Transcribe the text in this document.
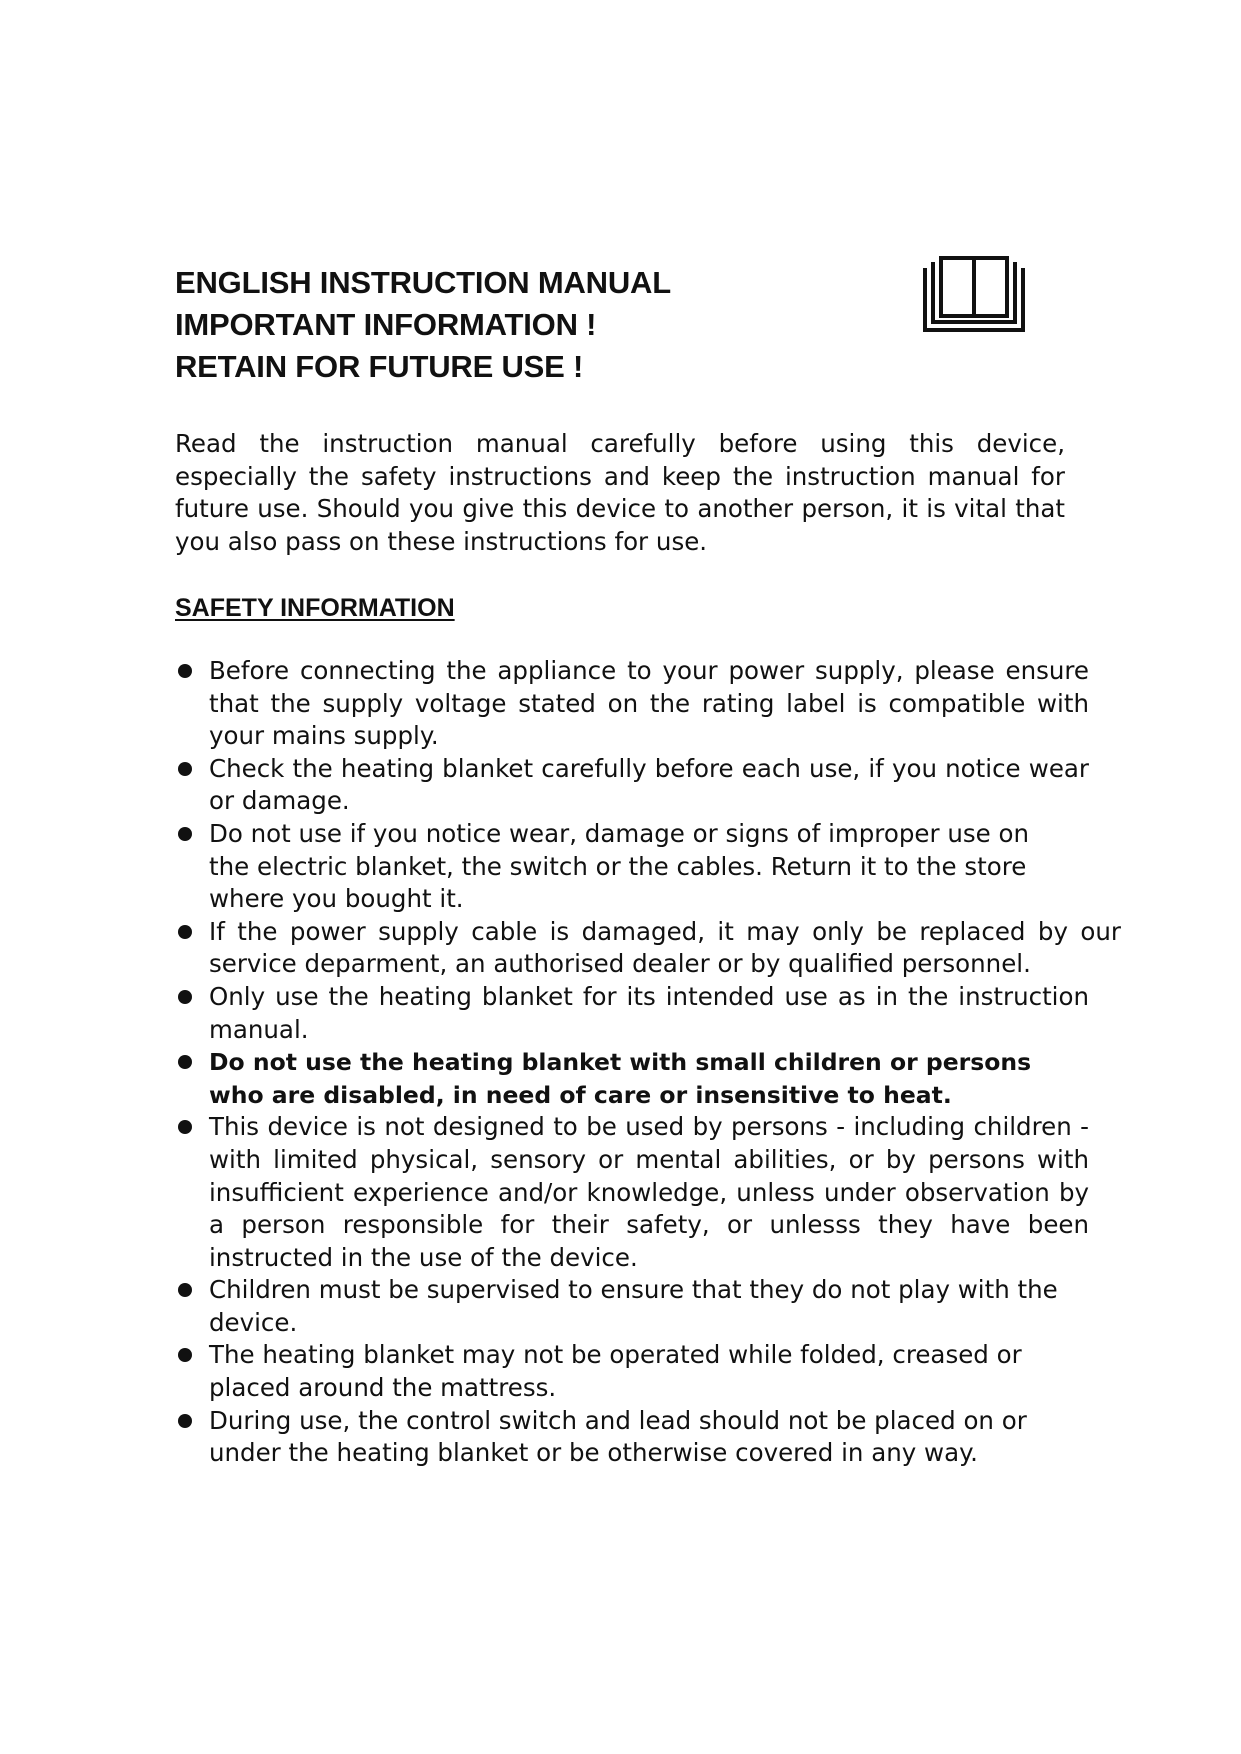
ENGLISH INSTRUCTION MANUAL
IMPORTANT INFORMATION !
RETAIN FOR FUTURE USE !
Read the instruction manual carefully before using this device, especially the safety instructions and keep the instruction manual for future use. Should you give this device to another person, it is vital that you also pass on these instructions for use.
SAFETY INFORMATION
Before connecting the appliance to your power supply, please ensure that the supply voltage stated on the rating label is compatible with your mains supply.
Check the heating blanket carefully before each use, if you notice wear or damage.
Do not use if you notice wear, damage or signs of improper use on the electric blanket, the switch or the cables. Return it to the store where you bought it.
If the power supply cable is damaged, it may only be replaced by our service deparment, an authorised dealer or by qualified personnel.
Only use the heating blanket for its intended use as in the instruction manual.
Do not use the heating blanket with small children or persons who are disabled, in need of care or insensitive to heat.
This device is not designed to be used by persons - including children - with limited physical, sensory or mental abilities, or by persons with insufficient experience and/or knowledge, unless under observation by a person responsible for their safety, or unlesss they have been instructed in the use of the device.
Children must be supervised to ensure that they do not play with the device.
The heating blanket may not be operated while folded, creased or placed around the mattress.
During use, the control switch and lead should not be placed on or under the heating blanket or be otherwise covered in any way.
